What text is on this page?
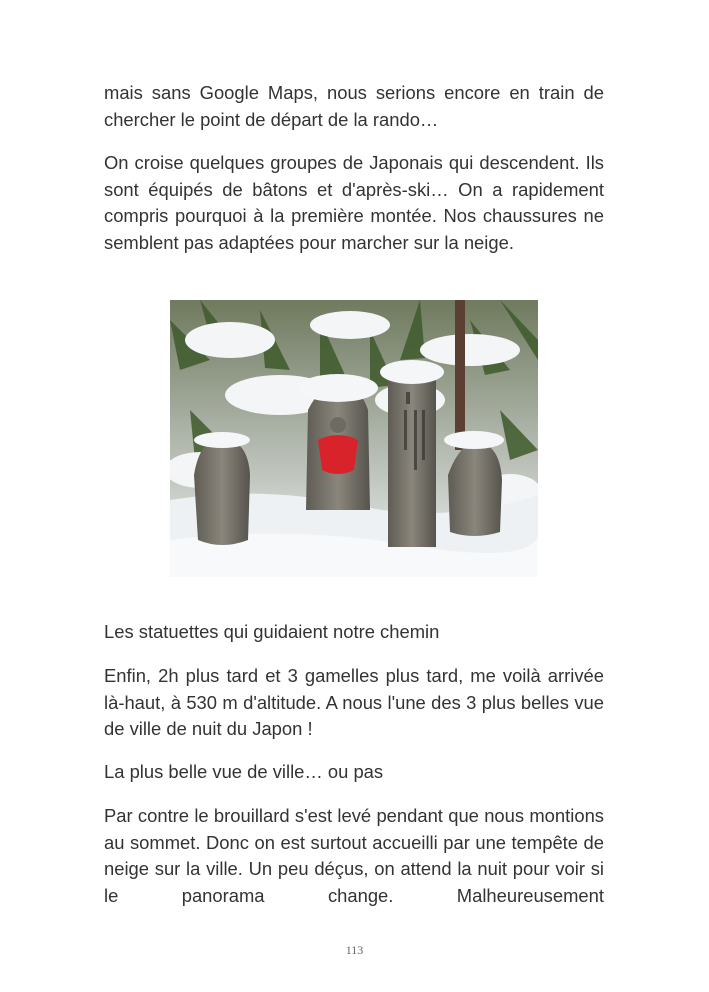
mais sans Google Maps, nous serions encore en train de chercher le point de départ de la rando…

On croise quelques groupes de Japonais qui descendent. Ils sont équipés de bâtons et d'après-ski… On a rapidement compris pourquoi à la première montée. Nos chaussures ne semblent pas adaptées pour marcher sur la neige.

Les statuettes qui guidaient notre chemin

Enfin, 2h plus tard et 3 gamelles plus tard, me voilà arrivée là-haut, à 530 m d'altitude. A nous l'une des 3 plus belles vue de ville de nuit du Japon !

La plus belle vue de ville… ou pas

Par contre le brouillard s'est levé pendant que nous montions au sommet. Donc on est surtout accueilli par une tempête de neige sur la ville. Un peu déçus, on attend la nuit pour voir si le panorama change. Malheureusement

113
